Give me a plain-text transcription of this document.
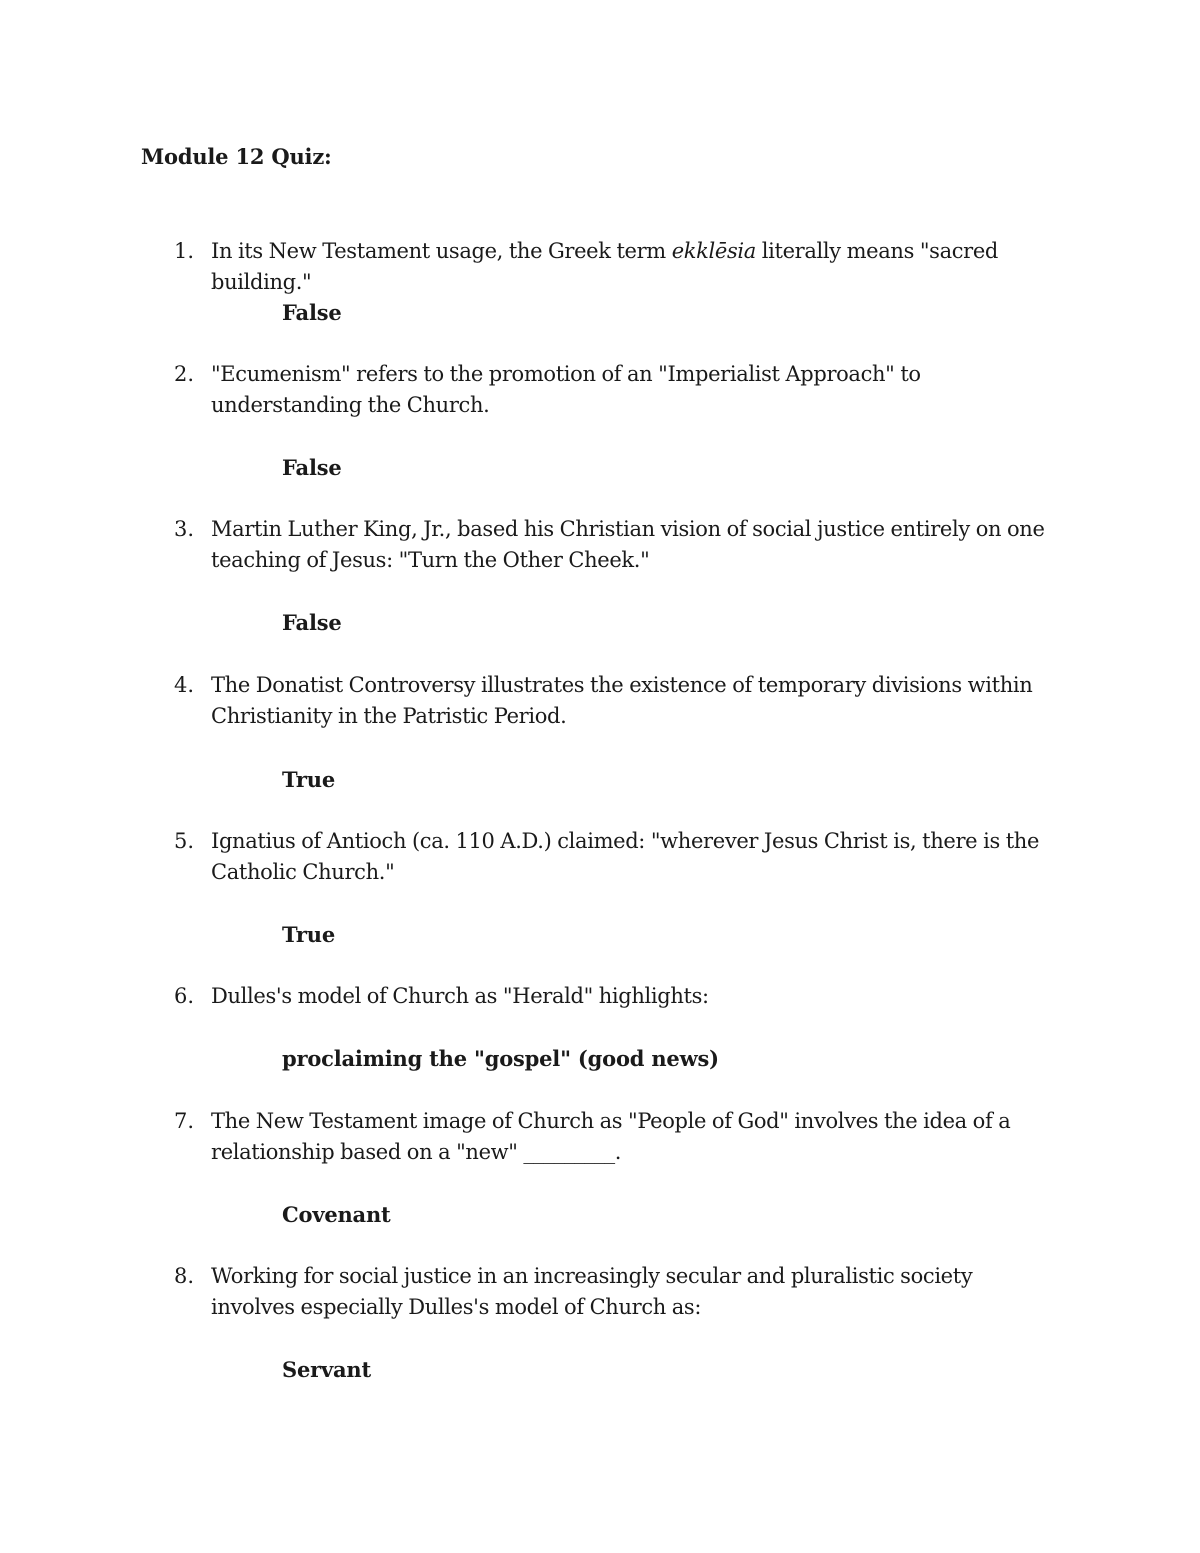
Module 12 Quiz:
1. In its New Testament usage, the Greek term ekklēsia literally means "sacred building."
False
2. "Ecumenism" refers to the promotion of an "Imperialist Approach" to understanding the Church.
False
3. Martin Luther King, Jr., based his Christian vision of social justice entirely on one teaching of Jesus: "Turn the Other Cheek."
False
4. The Donatist Controversy illustrates the existence of temporary divisions within Christianity in the Patristic Period.
True
5. Ignatius of Antioch (ca. 110 A.D.) claimed: "wherever Jesus Christ is, there is the Catholic Church."
True
6. Dulles's model of Church as "Herald" highlights:
proclaiming the "gospel" (good news)
7. The New Testament image of Church as "People of God" involves the idea of a relationship based on a "new" _________.
Covenant
8. Working for social justice in an increasingly secular and pluralistic society involves especially Dulles's model of Church as:
Servant
